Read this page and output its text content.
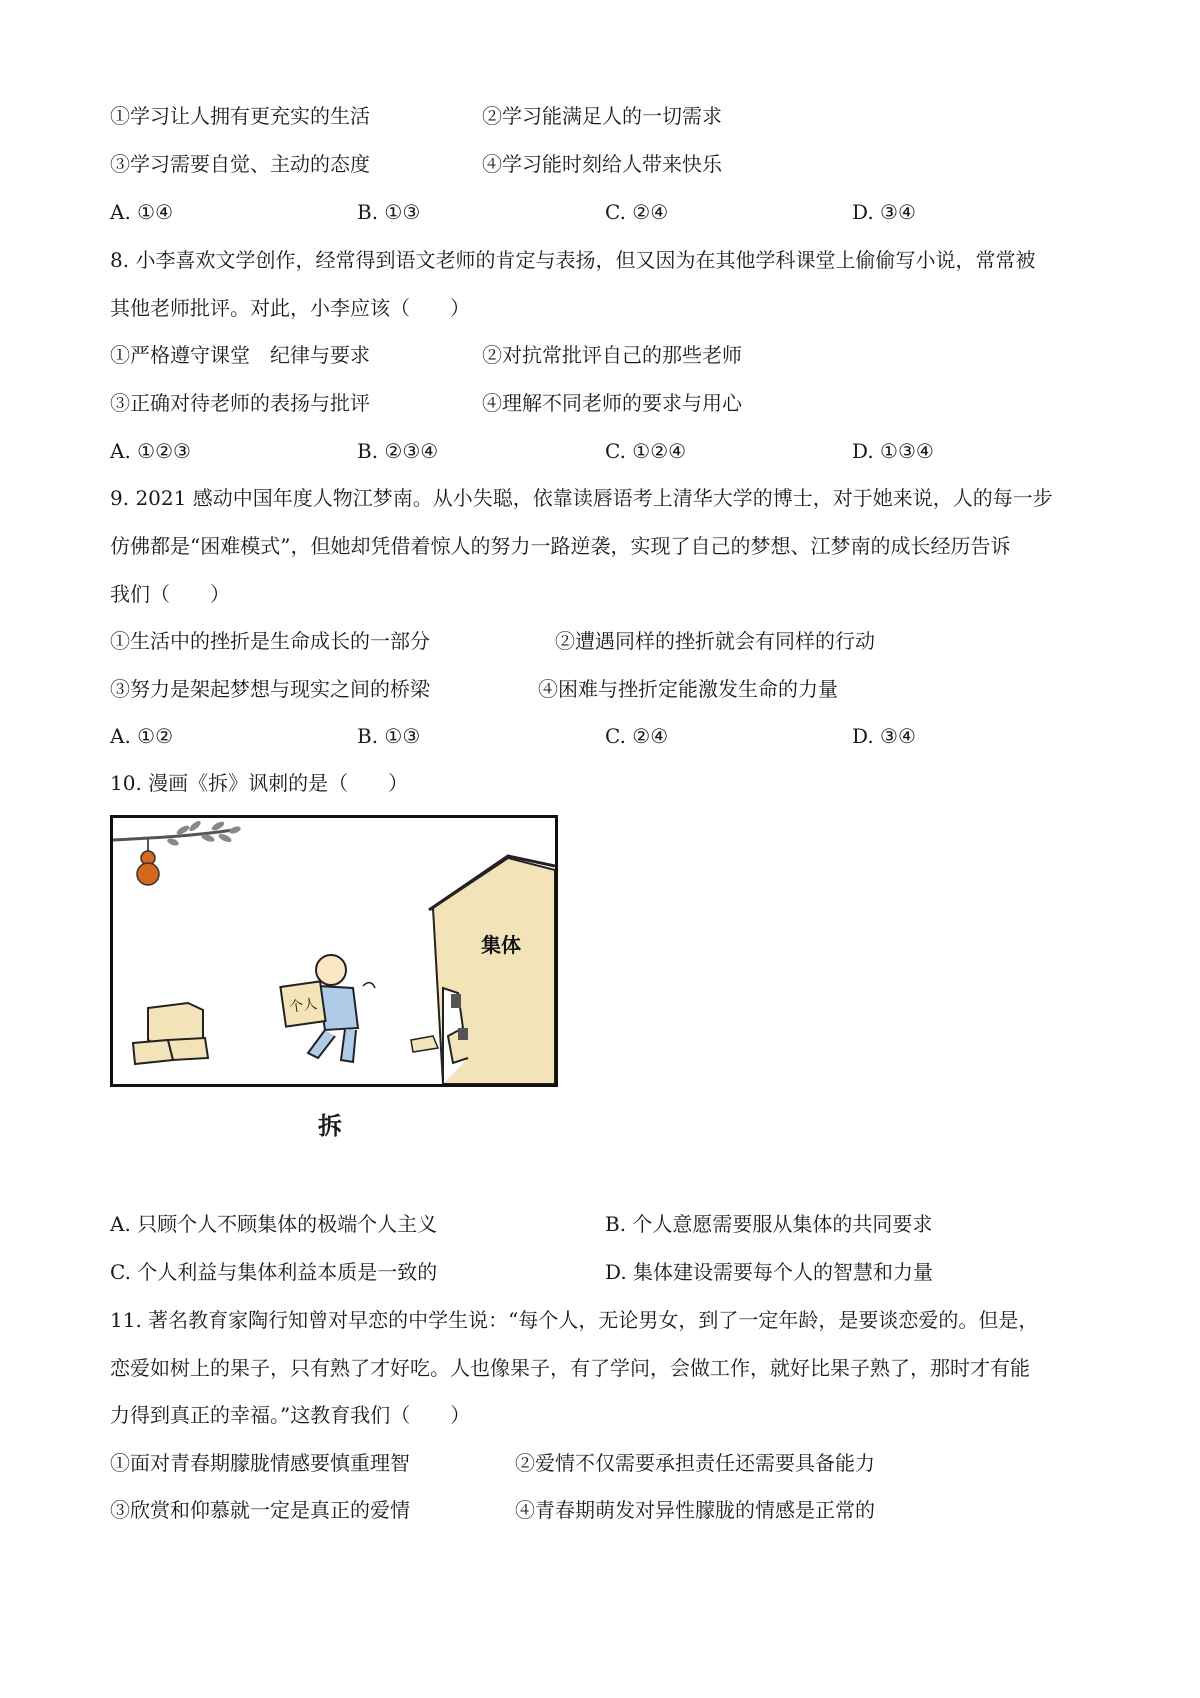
①学习让人拥有更充实的生活	②学习能满足人的一切需求
③学习需要自觉、主动的态度	④学习能时刻给人带来快乐
A. ①④	B. ①③	C. ②④	D. ③④
8. 小李喜欢文学创作，经常得到语文老师的肯定与表扬，但又因为在其他学科课堂上偷偷写小说，常常被
其他老师批评。对此，小李应该（　　）
①严格遵守课堂　纪律与要求	②对抗常批评自己的那些老师
③正确对待老师的表扬与批评	④理解不同老师的要求与用心
A. ①②③	B. ②③④	C. ①②④	D. ①③④
9. 2021 感动中国年度人物江梦南。从小失聪，依靠读唇语考上清华大学的博士，对于她来说，人的每一步
仿佛都是“困难模式”，但她却凭借着惊人的努力一路逆袭，实现了自己的梦想、江梦南的成长经历告诉
我们（　　）
①生活中的挫折是生命成长的一部分	②遭遇同样的挫折就会有同样的行动
③努力是架起梦想与现实之间的桥梁	④困难与挫折定能激发生命的力量
A. ①②	B. ①③	C. ②④	D. ③④
10. 漫画《拆》讽刺的是（　　）
个人
集体
拆
A. 只顾个人不顾集体的极端个人主义	B. 个人意愿需要服从集体的共同要求
C. 个人利益与集体利益本质是一致的	D. 集体建设需要每个人的智慧和力量
11. 著名教育家陶行知曾对早恋的中学生说：“每个人，无论男女，到了一定年龄，是要谈恋爱的。但是，
恋爱如树上的果子，只有熟了才好吃。人也像果子，有了学问，会做工作，就好比果子熟了，那时才有能
力得到真正的幸福。”这教育我们（　　）
①面对青春期朦胧情感要慎重理智	②爱情不仅需要承担责任还需要具备能力
③欣赏和仰慕就一定是真正的爱情	④青春期萌发对异性朦胧的情感是正常的
